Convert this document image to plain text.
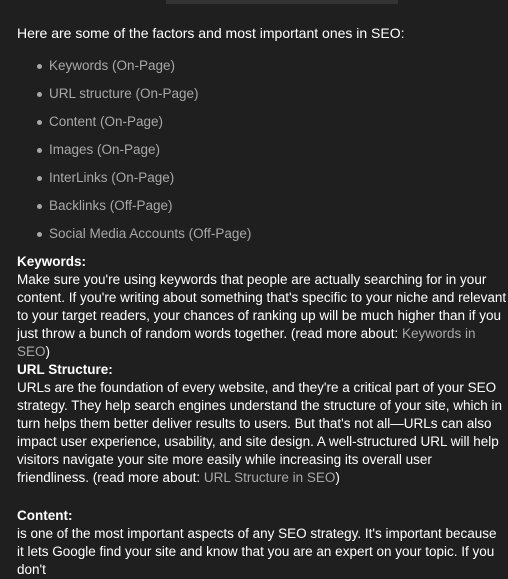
Here are some of the factors and most important ones in SEO:

Keywords (On-Page)
URL structure (On-Page)
Content (On-Page)
Images (On-Page)
InterLinks (On-Page)
Backlinks (Off-Page)
Social Media Accounts (Off-Page)
Keywords:

Make sure you're using keywords that people are actually searching for in your content. If you're writing about something that's specific to your niche and relevant to your target readers, your chances of ranking up will be much higher than if you just throw a bunch of random words together. (read more about: Keywords in SEO)

URL Structure:

URLs are the foundation of every website, and they're a critical part of your SEO strategy. They help search engines understand the structure of your site, which in turn helps them better deliver results to users. But that's not all—URLs can also impact user experience, usability, and site design. A well-structured URL will help visitors navigate your site more easily while increasing its overall user friendliness. (read more about: URL Structure in SEO)

Content:

is one of the most important aspects of any SEO strategy. It's important because it lets Google find your site and know that you are an expert on your topic. If you don't
